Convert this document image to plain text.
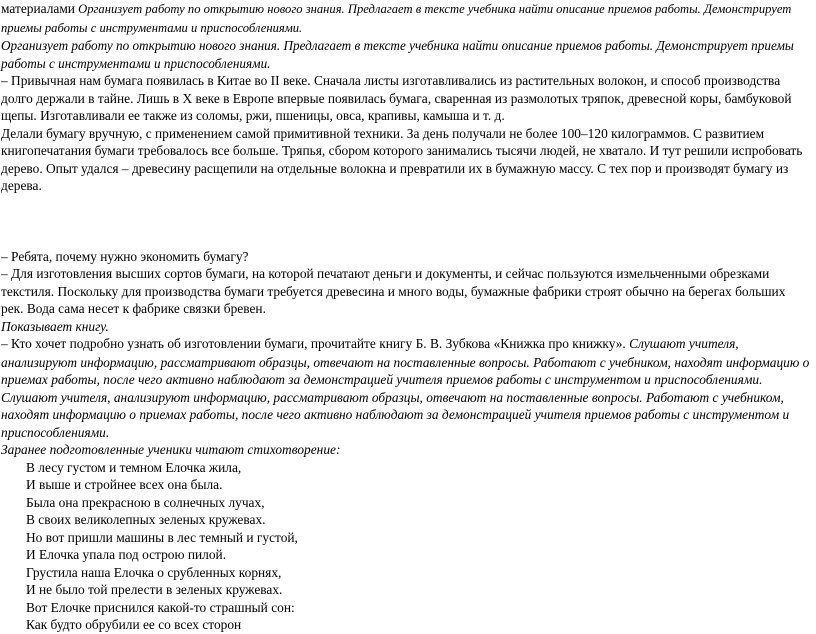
материалами Организует работу по открытию нового знания. Предлагает в тексте учебника найти описание приемов работы. Демонстрирует приемы работы с инструментами и приспособлениями.

Организует работу по открытию нового знания. Предлагает в тексте учебника найти описание приемов работы. Демонстрирует приемы работы с инструментами и приспособлениями.

– Привычная нам бумага появилась в Китае во II веке. Сначала листы изготавливались из растительных волокон, и способ производства долго держали в тайне. Лишь в Х веке в Европе впервые появилась бумага, сваренная из размолотых тряпок, древесной коры, бамбуковой щепы. Изготавливали ее также из соломы, ржи, пшеницы, овса, крапивы, камыша и т. д.

Делали бумагу вручную, с применением самой примитивной техники. За день получали не более 100–120 килограммов. С развитием книгопечатания бумаги требовалось все больше. Тряпья, сбором которого занимались тысячи людей, не хватало. И тут решили испробовать дерево. Опыт удался – древесину расщепили на отдельные волокна и превратили их в бумажную массу. С тех пор и производят бумагу из дерева.

– Ребята, почему нужно экономить бумагу?

– Для изготовления высших сортов бумаги, на которой печатают деньги и документы, и сейчас пользуются измельченными обрезками текстиля. Поскольку для производства бумаги требуется древесина и много воды, бумажные фабрики строят обычно на берегах больших рек. Вода сама несет к фабрике связки бревен.

Показывает книгу.

– Кто хочет подробно узнать об изготовлении бумаги, прочитайте книгу Б. В. Зубкова «Книжка про книжку». Слушают учителя, анализируют информацию, рассматривают образцы, отвечают на поставленные вопросы. Работают с учебником, находят информацию о приемах работы, после чего активно наблюдают за демонстрацией учителя приемов работы с инструментом и приспособлениями.

Слушают учителя, анализируют информацию, рассматривают образцы, отвечают на поставленные вопросы. Работают с учебником, находят информацию о приемах работы, после чего активно наблюдают за демонстрацией учителя приемов работы с инструментом и приспособлениями.

Заранее подготовленные ученики читают стихотворение:

В лесу густом и темном Елочка жила,
И выше и стройнее всех она была.
Была она прекрасною в солнечных лучах,
В своих великолепных зеленых кружевах.
Но вот пришли машины в лес темный и густой,
И Елочка упала под острою пилой.
Грустила наша Елочка о срубленных корнях,
И не было той прелести в зеленых кружевах.
Вот Елочке приснился какой-то страшный сон:
Как будто обрубили ее со всех сторон
